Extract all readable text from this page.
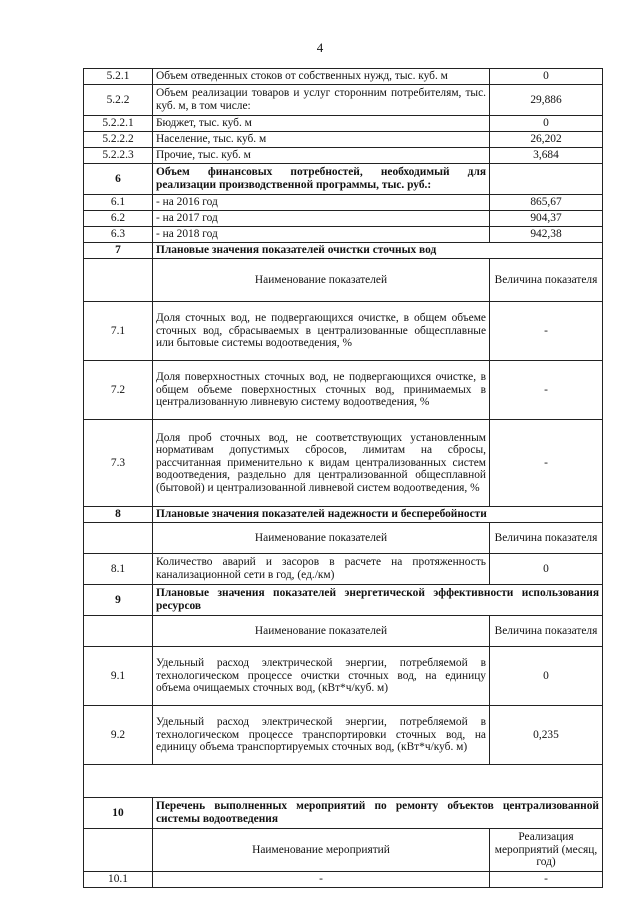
4
5.2.1	Объем отведенных стоков от собственных нужд, тыс. куб. м	0
5.2.2	Объем реализации товаров и услуг сторонним потребителям, тыс. куб. м, в том числе:	29,886
5.2.2.1	Бюджет, тыс. куб. м	0
5.2.2.2	Население, тыс. куб. м	26,202
5.2.2.3	Прочие, тыс. куб. м	3,684
6	Объем финансовых потребностей, необходимый для реализации производственной программы, тыс. руб.:	
6.1	- на 2016 год	865,67
6.2	- на 2017 год	904,37
6.3	- на 2018 год	942,38
7	Плановые значения показателей очистки сточных вод	
	Наименование показателей	Величина показателя
7.1	Доля сточных вод, не подвергающихся очистке, в общем объеме сточных вод, сбрасываемых в централизованные общесплавные или бытовые системы водоотведения, %	-
7.2	Доля поверхностных сточных вод, не подвергающихся очистке, в общем объеме поверхностных сточных вод, принимаемых в централизованную ливневую систему водоотведения, %	-
7.3	Доля проб сточных вод, не соответствующих установленным нормативам допустимых сбросов, лимитам на сбросы, рассчитанная применительно к видам централизованных систем водоотведения, раздельно для централизованной общесплавной (бытовой) и централизованной ливневой систем водоотведения, %	-
8	Плановые значения показателей надежности и бесперебойности	
	Наименование показателей	Величина показателя
8.1	Количество аварий и засоров в расчете на протяженность канализационной сети в год, (ед./км)	0
9	Плановые значения показателей энергетической эффективности использования ресурсов	
	Наименование показателей	Величина показателя
9.1	Удельный расход электрической энергии, потребляемой в технологическом процессе очистки сточных вод, на единицу объема очищаемых сточных вод, (кВт*ч/куб. м)	0
9.2	Удельный расход электрической энергии, потребляемой в технологическом процессе транспортировки сточных вод, на единицу объема транспортируемых сточных вод, (кВт*ч/куб. м)	0,235

10	Перечень выполненных мероприятий по ремонту объектов централизованной системы водоотведения	
	Наименование мероприятий	Реализация мероприятий (месяц, год)
10.1	-	-
